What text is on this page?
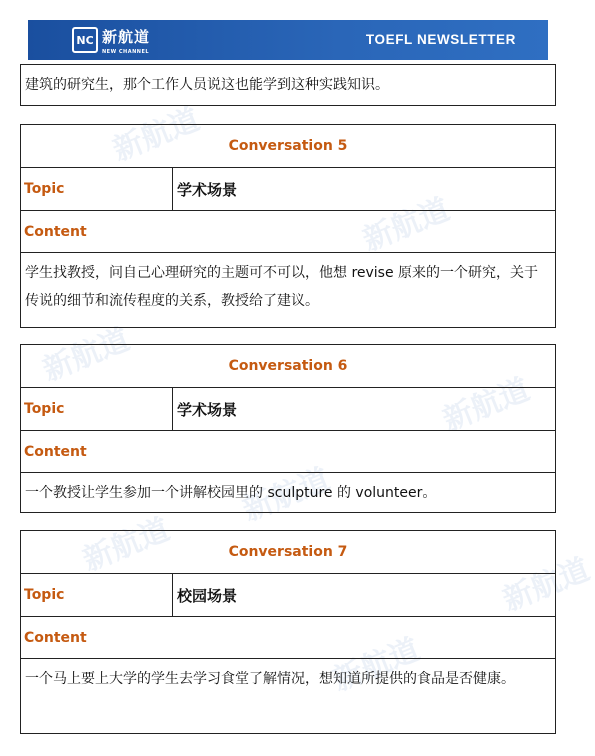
新航道
新航道
新航道
新航道
新航道
新航道
新航道
新航道
NC 新航道
NEW CHANNEL
TOEFL NEWSLETTER
建筑的研究生，那个工作人员说这也能学到这种实践知识。
Conversation 5
Topic	学术场景
Content
学生找教授，问自己心理研究的主题可不可以，他想 revise 原来的一个研究，关于传说的细节和流传程度的关系，教授给了建议。
Conversation 6
Topic	学术场景
Content
一个教授让学生参加一个讲解校园里的 sculpture 的 volunteer。
Conversation 7
Topic	校园场景
Content
一个马上要上大学的学生去学习食堂了解情况，想知道所提供的食品是否健康。
